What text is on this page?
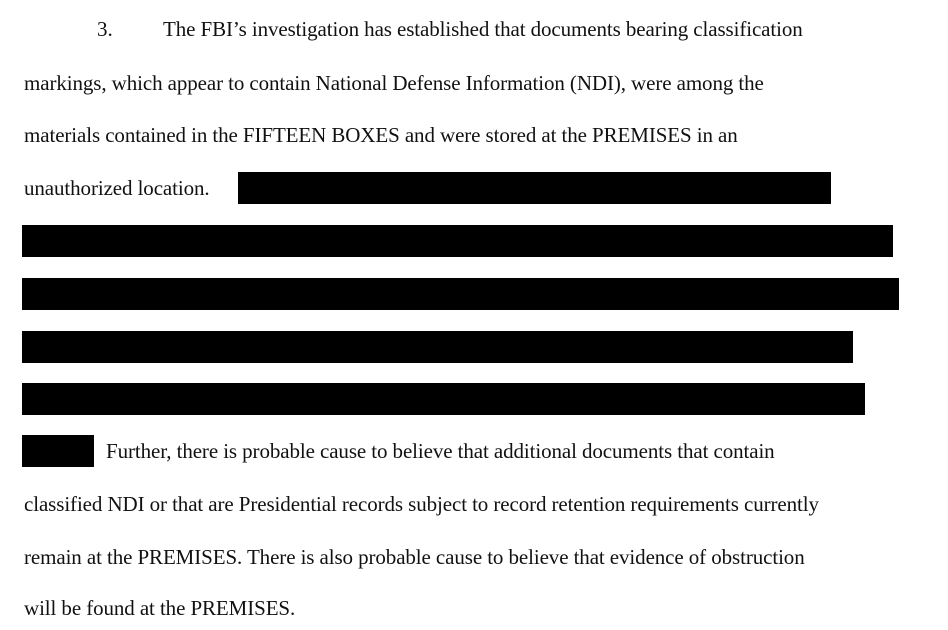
3. The FBI’s investigation has established that documents bearing classification
markings, which appear to contain National Defense Information (NDI), were among the
materials contained in the FIFTEEN BOXES and were stored at the PREMISES in an
unauthorized location.
Further, there is probable cause to believe that additional documents that contain
classified NDI or that are Presidential records subject to record retention requirements currently
remain at the PREMISES. There is also probable cause to believe that evidence of obstruction
will be found at the PREMISES.
